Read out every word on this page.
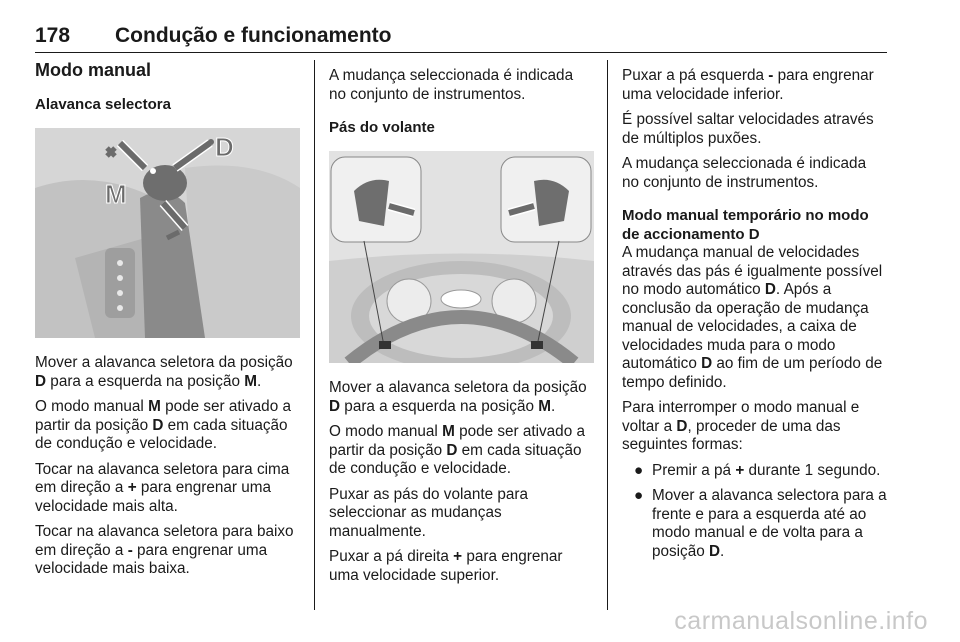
178 Condução e funcionamento
Modo manual
Alavanca selectora
D
M

Mover a alavanca seletora da posição D para a esquerda na posição M.

O modo manual M pode ser ativado a partir da posição D em cada situação de condução e velocidade.

Tocar na alavanca seletora para cima em direção a + para engrenar uma velocidade mais alta.

Tocar na alavanca seletora para baixo em direção a - para engrenar uma velocidade mais baixa.

A mudança seleccionada é indicada no conjunto de instrumentos.

Pás do volante

Mover a alavanca seletora da posição D para a esquerda na posição M.

O modo manual M pode ser ativado a partir da posição D em cada situação de condução e velocidade.

Puxar as pás do volante para seleccionar as mudanças manualmente.

Puxar a pá direita + para engrenar uma velocidade superior.

Puxar a pá esquerda - para engrenar uma velocidade inferior.

É possível saltar velocidades através de múltiplos puxões.

A mudança seleccionada é indicada no conjunto de instrumentos.

Modo manual temporário no modo de accionamento D

A mudança manual de velocidades através das pás é igualmente possível no modo automático D. Após a conclusão da operação de mudança manual de velocidades, a caixa de velocidades muda para o modo automático D ao fim de um período de tempo definido.

Para interromper o modo manual e voltar a D, proceder de uma das seguintes formas:

● Premir a pá + durante 1 segundo.
● Mover a alavanca selectora para a frente e para a esquerda até ao modo manual e de volta para a posição D.
carmanualsonline.info
